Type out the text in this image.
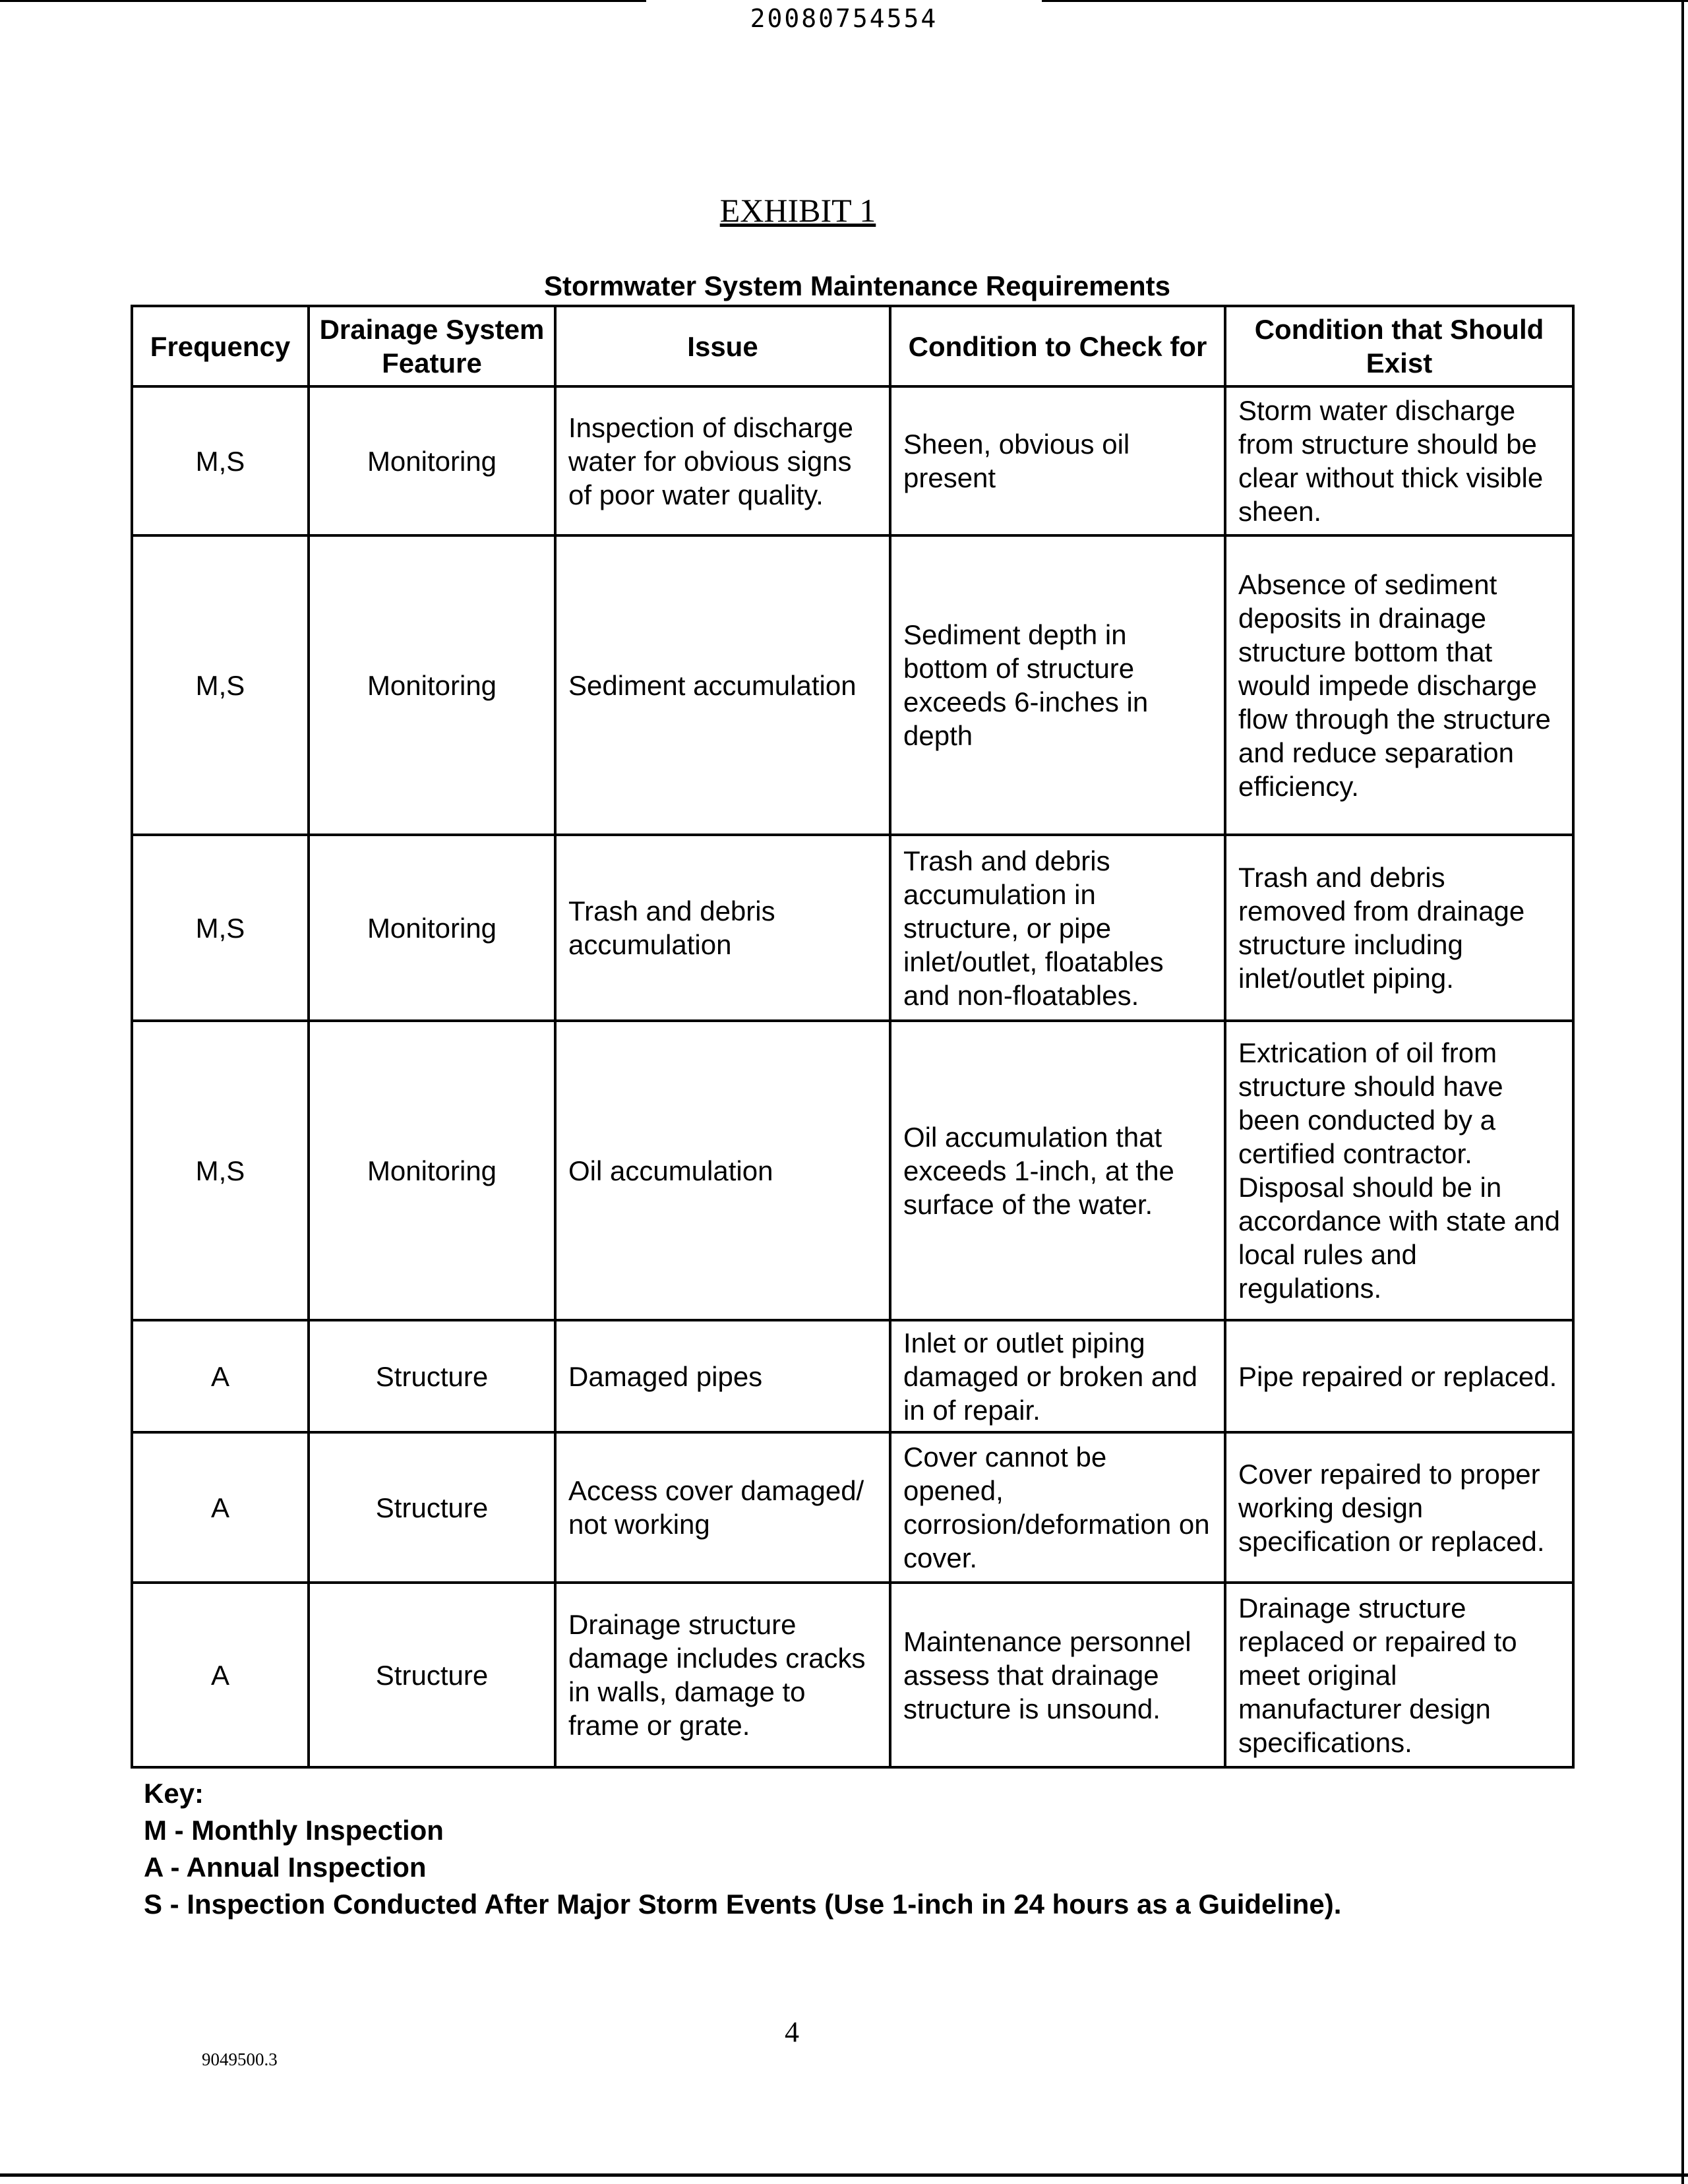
20080754554
EXHIBIT 1
Stormwater System Maintenance Requirements
Frequency	Drainage System Feature	Issue	Condition to Check for	Condition that Should Exist
M,S	Monitoring	Inspection of discharge water for obvious signs of poor water quality.	Sheen, obvious oil present	Storm water discharge from structure should be clear without thick visible sheen.
M,S	Monitoring	Sediment accumulation	Sediment depth in bottom of structure exceeds 6-inches in depth	Absence of sediment deposits in drainage structure bottom that would impede discharge flow through the structure and reduce separation efficiency.
M,S	Monitoring	Trash and debris accumulation	Trash and debris accumulation in structure, or pipe inlet/outlet, floatables and non-floatables.	Trash and debris removed from drainage structure including inlet/outlet piping.
M,S	Monitoring	Oil accumulation	Oil accumulation that exceeds 1-inch, at the surface of the water.	Extrication of oil from structure should have been conducted by a certified contractor. Disposal should be in accordance with state and local rules and regulations.
A	Structure	Damaged pipes	Inlet or outlet piping damaged or broken and in of repair.	Pipe repaired or replaced.
A	Structure	Access cover damaged/ not working	Cover cannot be opened, corrosion/deformation on cover.	Cover repaired to proper working design specification or replaced.
A	Structure	Drainage structure damage includes cracks in walls, damage to frame or grate.	Maintenance personnel assess that drainage structure is unsound.	Drainage structure replaced or repaired to meet original manufacturer design specifications.
Key:
M - Monthly Inspection
A - Annual Inspection
S - Inspection Conducted After Major Storm Events (Use 1-inch in 24 hours as a Guideline).
4
9049500.3
